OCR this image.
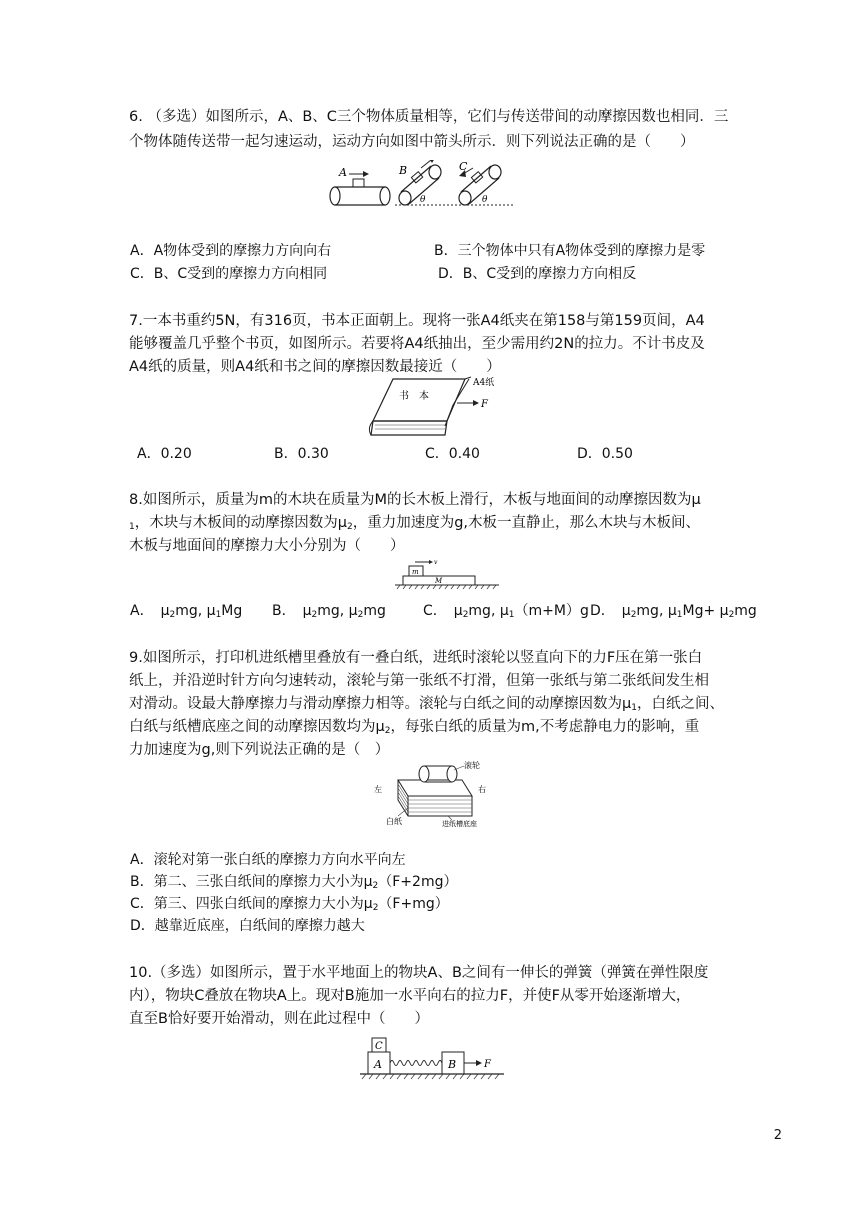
6. （多选）如图所示，A、B、C三个物体质量相等，它们与传送带间的动摩擦因数也相同．三
个物体随传送带一起匀速运动，运动方向如图中箭头所示．则下列说法正确的是（　　）
A	B
θ
C
θ
A．A物体受到的摩擦力方向向右	B．三个物体中只有A物体受到的摩擦力是零
C．B、C受到的摩擦力方向相同	D．B、C受到的摩擦力方向相反
7.一本书重约5N，有316页，书本正面朝上。现将一张A4纸夹在第158与第159页间，A4
能够覆盖几乎整个书页，如图所示。若要将A4纸抽出，至少需用约2N的拉力。不计书皮及
A4纸的质量，则A4纸和书之间的摩擦因数最接近（　　）
书　本
A4纸
F
A．0.20	B．0.30	C．0.40	D．0.50
8.如图所示，质量为m的木块在质量为M的长木板上滑行，木板与地面间的动摩擦因数为μ
$_1$，木块与木板间的动摩擦因数为$\mu_2$，重力加速度为g,木板一直静止，那么木块与木板间、
木板与地面间的摩擦力大小分别为（　　）
m
M
v
A．　$\mu_2mg$, $\mu_1Mg$ B．　$\mu_2mg$, $\mu_2mg$	C．　$\mu_2mg$, $\mu_1(m+M)g$ D．　$\mu_2mg$, $\mu_1Mg+ \mu_2mg$
9.如图所示，打印机进纸槽里叠放有一叠白纸，进纸时滚轮以竖直向下的力F压在第一张白
纸上，并沿逆时针方向匀速转动，滚轮与第一张纸不打滑，但第一张纸与第二张纸间发生相
对滑动。设最大静摩擦力与滑动摩擦力相等。滚轮与白纸之间的动摩擦因数为$\mu_1$，白纸之间、
白纸与纸槽底座之间的动摩擦因数均为$\mu_2$，每张白纸的质量为m,不考虑静电力的影响，重
力加速度为g,则下列说法正确的是（　）
滚轮
左	右
白纸	进纸槽底座
A．滚轮对第一张白纸的摩擦力方向水平向左
B．第二、三张白纸间的摩擦力大小为$\mu_2(F+2mg)$
C．第三、四张白纸间的摩擦力大小为$\mu_2(F+mg)$
D．越靠近底座，白纸间的摩擦力越大
10.（多选）如图所示，置于水平地面上的物块A、B之间有一伸长的弹簧（弹簧在弹性限度
内），物块C叠放在物块A上。现对B施加一水平向右的拉力F，并使F从零开始逐渐增大，
直至B恰好要开始滑动，则在此过程中（　　）
C
A	B	F
2
